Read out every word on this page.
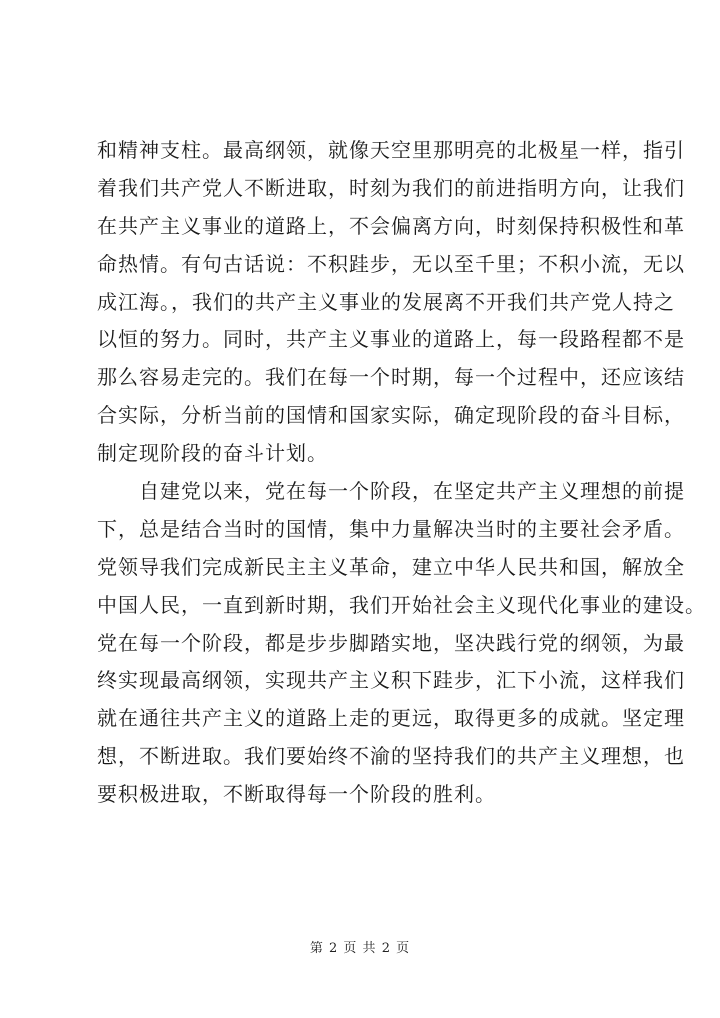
和精神支柱。最高纲领，就像天空里那明亮的北极星一样，指引
着我们共产党人不断进取，时刻为我们的前进指明方向，让我们
在共产主义事业的道路上，不会偏离方向，时刻保持积极性和革
命热情。有句古话说：不积跬步，无以至千里；不积小流，无以
成江海。，我们的共产主义事业的发展离不开我们共产党人持之
以恒的努力。同时，共产主义事业的道路上，每一段路程都不是
那么容易走完的。我们在每一个时期，每一个过程中，还应该结
合实际，分析当前的国情和国家实际，确定现阶段的奋斗目标，
制定现阶段的奋斗计划。
自建党以来，党在每一个阶段，在坚定共产主义理想的前提
下，总是结合当时的国情，集中力量解决当时的主要社会矛盾。
党领导我们完成新民主主义革命，建立中华人民共和国，解放全
中国人民，一直到新时期，我们开始社会主义现代化事业的建设。
党在每一个阶段，都是步步脚踏实地，坚决践行党的纲领，为最
终实现最高纲领，实现共产主义积下跬步，汇下小流，这样我们
就在通往共产主义的道路上走的更远，取得更多的成就。坚定理
想，不断进取。我们要始终不渝的坚持我们的共产主义理想，也
要积极进取，不断取得每一个阶段的胜利。
第 2 页 共 2 页
